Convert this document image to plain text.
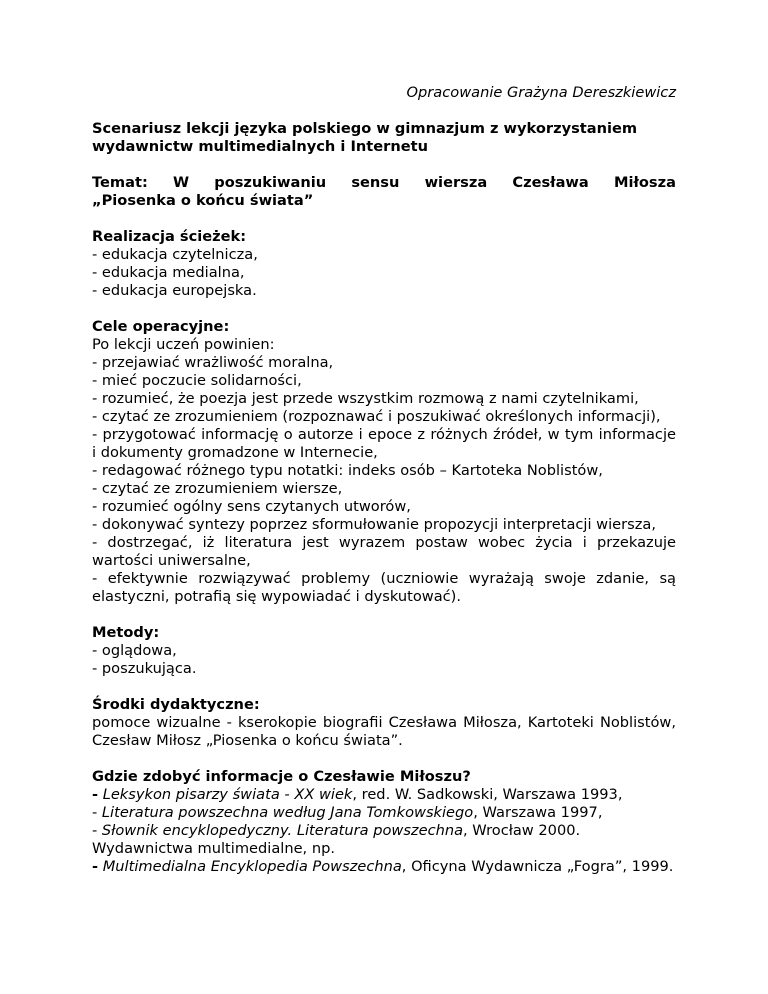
Opracowanie Grażyna Dereszkiewicz
Scenariusz lekcji języka polskiego w gimnazjum z wykorzystaniem wydawnictw multimedialnych i Internetu
Temat: W poszukiwaniu sensu wiersza Czesława Miłosza
„Piosenka o końcu świata”
Realizacja ścieżek:
- edukacja czytelnicza,
- edukacja medialna,
- edukacja europejska.
Cele operacyjne:
Po lekcji uczeń powinien:
- przejawiać wrażliwość moralna,
- mieć poczucie solidarności,
- rozumieć, że poezja jest przede wszystkim rozmową z nami czytelnikami,
- czytać ze zrozumieniem (rozpoznawać i poszukiwać określonych informacji),
- przygotować informację o autorze i epoce z różnych źródeł, w tym informacje i dokumenty gromadzone w Internecie,
- redagować różnego typu notatki: indeks osób – Kartoteka Noblistów,
- czytać ze zrozumieniem wiersze,
- rozumieć ogólny sens czytanych utworów,
- dokonywać syntezy poprzez sformułowanie propozycji interpretacji wiersza,
- dostrzegać, iż literatura jest wyrazem postaw wobec życia i przekazuje wartości uniwersalne,
- efektywnie rozwiązywać problemy (uczniowie wyrażają swoje zdanie, są elastyczni, potrafią się wypowiadać i dyskutować).
Metody:
- oglądowa,
- poszukująca.
Środki dydaktyczne:
pomoce wizualne - kserokopie biografii Czesława Miłosza, Kartoteki Noblistów, Czesław Miłosz „Piosenka o końcu świata”.
Gdzie zdobyć informacje o Czesławie Miłoszu?
- Leksykon pisarzy świata - XX wiek, red. W. Sadkowski, Warszawa 1993,
- Literatura powszechna według Jana Tomkowskiego, Warszawa 1997,
- Słownik encyklopedyczny. Literatura powszechna, Wrocław 2000.
Wydawnictwa multimedialne, np.
- Multimedialna Encyklopedia Powszechna, Oficyna Wydawnicza „Fogra”, 1999.
